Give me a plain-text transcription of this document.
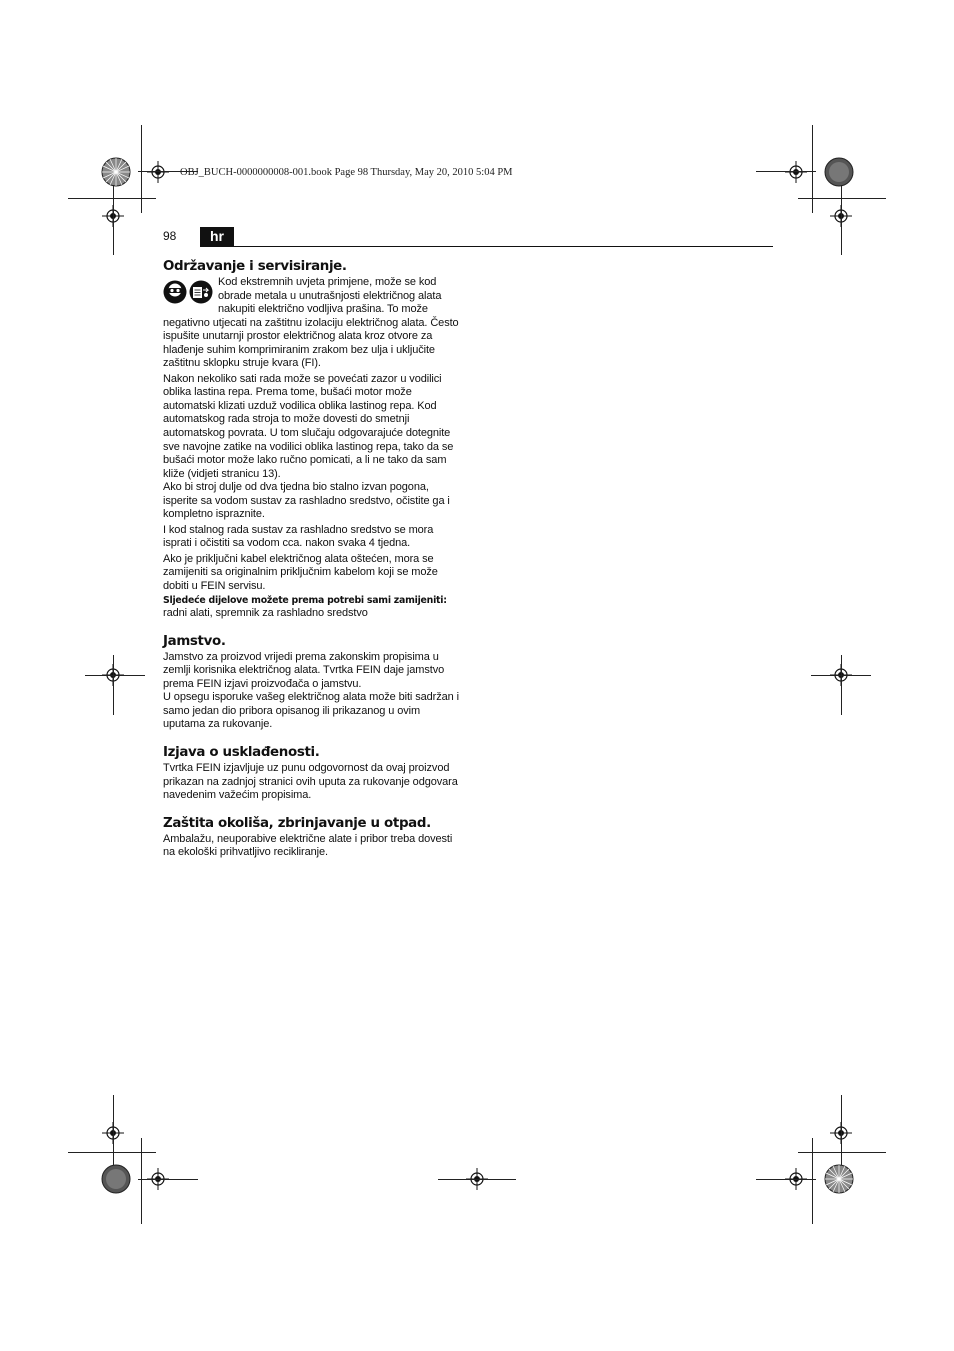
OBJ_BUCH-0000000008-001.book Page 98 Thursday, May 20, 2010 5:04 PM
98	hr
Održavanje i servisiranje.

Kod ekstremnih uvjeta primjene, može se kod obrade metala u unutrašnjosti električnog alata nakupiti električno vodljiva prašina. To može negativno utjecati na zaštitnu izolaciju električnog alata. Često ispušite unutarnji prostor električnog alata kroz otvore za hlađenje suhim komprimiranim zrakom bez ulja i uključite zaštitnu sklopku struje kvara (FI).

Nakon nekoliko sati rada može se povećati zazor u vodilici oblika lastina repa. Prema tome, bušaći motor može automatski klizati uzduž vodilica oblika lastinog repa. Kod automatskog rada stroja to može dovesti do smetnji automatskog povrata. U tom slučaju odgovarajuće dotegnite sve navojne zatike na vodilici oblika lastinog repa, tako da se bušaći motor može lako ručno pomicati, a li ne tako da sam kliže (vidjeti stranicu 13).

Ako bi stroj dulje od dva tjedna bio stalno izvan pogona, isperite sa vodom sustav za rashladno sredstvo, očistite ga i kompletno ispraznite.

I kod stalnog rada sustav za rashladno sredstvo se mora isprati i očistiti sa vodom cca. nakon svaka 4 tjedna.

Ako je priključni kabel električnog alata oštećen, mora se zamijeniti sa originalnim priključnim kabelom koji se može dobiti u FEIN servisu.

Sljedeće dijelove možete prema potrebi sami zamijeniti:

radni alati, spremnik za rashladno sredstvo

Jamstvo.

Jamstvo za proizvod vrijedi prema zakonskim propisima u zemlji korisnika električnog alata. Tvrtka FEIN daje jamstvo prema FEIN izjavi proizvođača o jamstvu.

U opsegu isporuke vašeg električnog alata može biti sadržan i samo jedan dio pribora opisanog ili prikazanog u ovim uputama za rukovanje.

Izjava o usklađenosti.

Tvrtka FEIN izjavljuje uz punu odgovornost da ovaj proizvod prikazan na zadnjoj stranici ovih uputa za rukovanje odgovara navedenim važećim propisima.

Zaštita okoliša, zbrinjavanje u otpad.

Ambalažu, neuporabive električne alate i pribor treba dovesti na ekološki prihvatljivo recikliranje.
